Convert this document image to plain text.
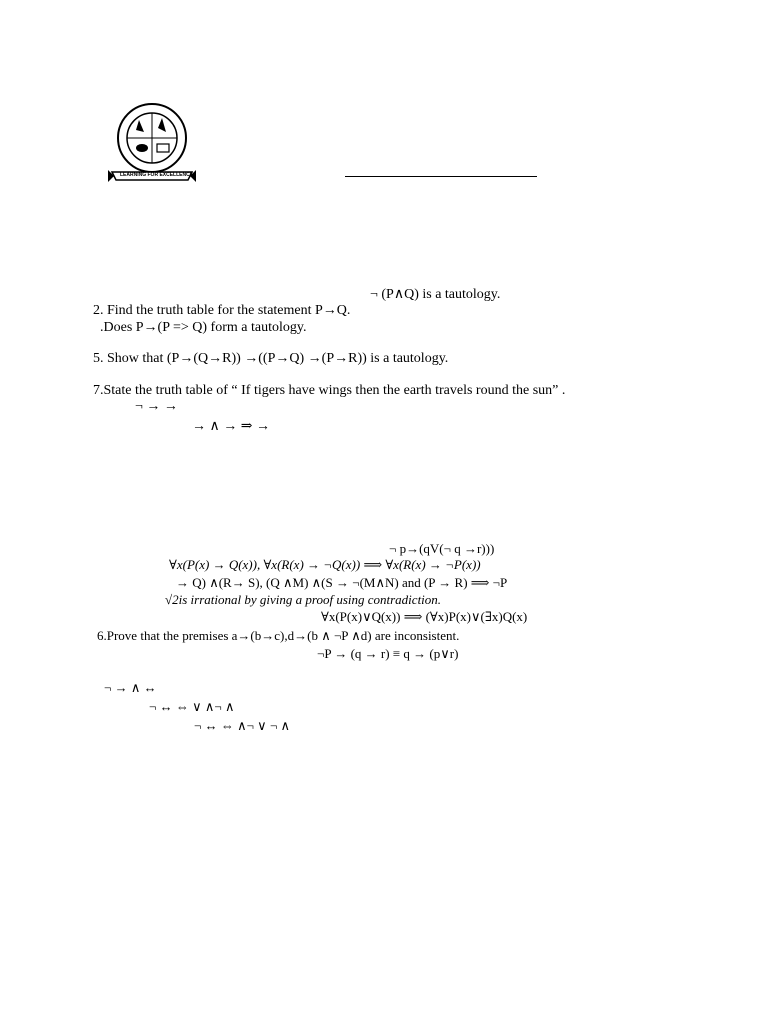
LEARNING FOR EXCELLENCE
¬ (P∧Q) is a tautology.
2. Find the truth table for the statement P→Q.
.Does P→(P => Q) form a tautology.
5. Show that (P→(Q→R)) →((P→Q) →(P→R)) is a tautology.
7.State the truth table of “ If tigers have wings then the earth travels round the sun” .
¬ → →
→ ∧ → ⇒ →
¬ p→(qV(¬ q →r)))
∀x(P(x) → Q(x)), ∀x(R(x) → ¬Q(x)) ⟹ ∀x(R(x) → ¬P(x))
→ Q) ∧(R→ S), (Q ∧M) ∧(S → ¬(M∧N) and (P → R) ⟹ ¬P
√2is irrational by giving a proof using contradiction.
∀x(P(x)∨Q(x)) ⟹ (∀x)P(x)∨(∃x)Q(x)
6.Prove that the premises a→(b→c),d→(b ∧ ¬P ∧d) are inconsistent.
¬P → (q → r) ≡ q → (p∨r)
¬ → ∧ ↔
¬ ↔ ⇔ ∨ ∧¬ ∧
¬ ↔ ⇔ ∧¬ ∨ ¬ ∧
